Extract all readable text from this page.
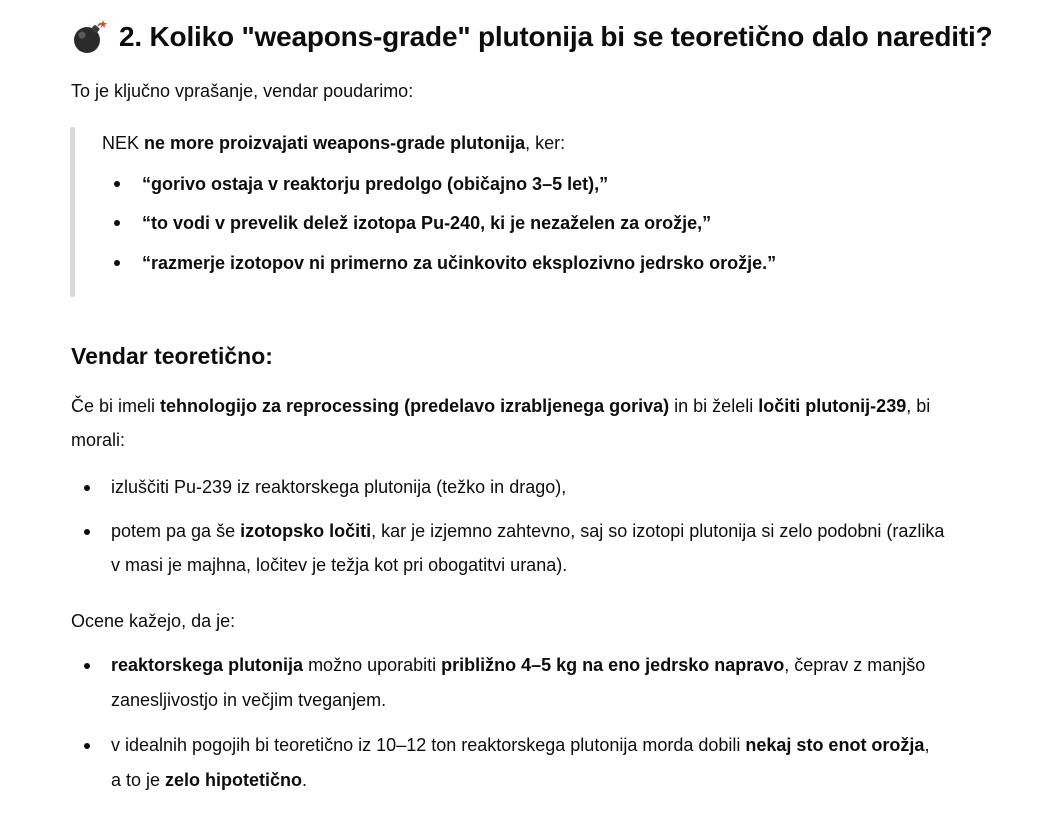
2. Koliko "weapons-grade" plutonija bi se teoretično dalo narediti?
To je ključno vprašanje, vendar poudarimo:
NEK ne more proizvajati weapons-grade plutonija, ker:
“gorivo ostaja v reaktorju predolgo (običajno 3–5 let),”
“to vodi v prevelik delež izotopa Pu-240, ki je nezaželen za orožje,”
“razmerje izotopov ni primerno za učinkovito eksplozivno jedrsko orožje.”
Vendar teoretično:
Če bi imeli tehnologijo za reprocessing (predelavo izrabljenega goriva) in bi želeli ločiti plutonij-239, bi
morali:
izluščiti Pu-239 iz reaktorskega plutonija (težko in drago),
potem pa ga še izotopsko ločiti, kar je izjemno zahtevno, saj so izotopi plutonija si zelo podobni (razlika
v masi je majhna, ločitev je težja kot pri obogatitvi urana).
Ocene kažejo, da je:
reaktorskega plutonija možno uporabiti približno 4–5 kg na eno jedrsko napravo, čeprav z manjšo
zanesljivostjo in večjim tveganjem.
v idealnih pogojih bi teoretično iz 10–12 ton reaktorskega plutonija morda dobili nekaj sto enot orožja,
a to je zelo hipotetično.
